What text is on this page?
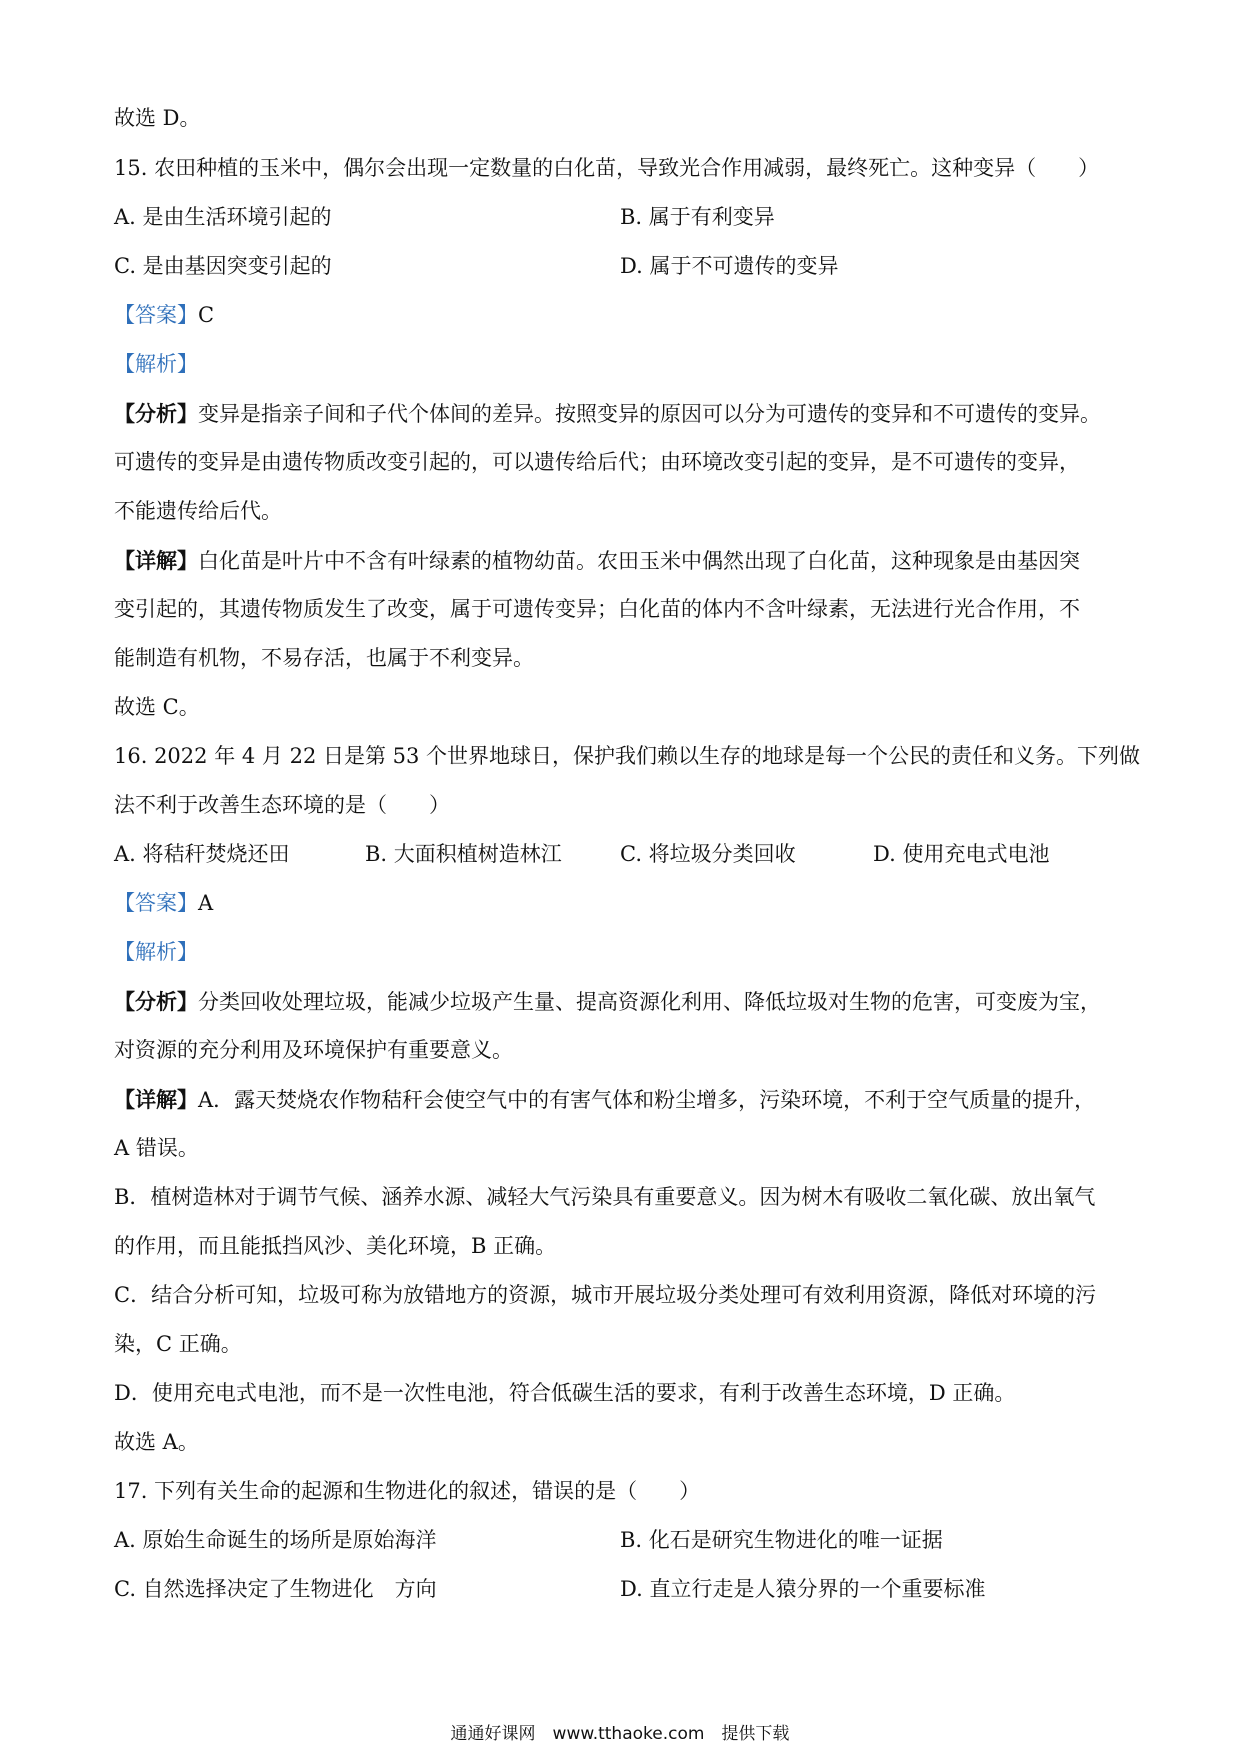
故选 D。
15. 农田种植的玉米中，偶尔会出现一定数量的白化苗，导致光合作用减弱，最终死亡。这种变异（　　）
A. 是由生活环境引起的	B. 属于有利变异
C. 是由基因突变引起的	D. 属于不可遗传的变异
【答案】C
【解析】
【分析】变异是指亲子间和子代个体间的差异。按照变异的原因可以分为可遗传的变异和不可遗传的变异。
可遗传的变异是由遗传物质改变引起的，可以遗传给后代；由环境改变引起的变异，是不可遗传的变异，
不能遗传给后代。
【详解】白化苗是叶片中不含有叶绿素的植物幼苗。农田玉米中偶然出现了白化苗，这种现象是由基因突
变引起的，其遗传物质发生了改变，属于可遗传变异；白化苗的体内不含叶绿素，无法进行光合作用，不
能制造有机物，不易存活，也属于不利变异。
故选 C。
16. 2022 年 4 月 22 日是第 53 个世界地球日，保护我们赖以生存的地球是每一个公民的责任和义务。下列做
法不利于改善生态环境的是（　　）
A. 将秸秆焚烧还田	B. 大面积植树造林江	C. 将垃圾分类回收	D. 使用充电式电池
【答案】A
【解析】
【分析】分类回收处理垃圾，能减少垃圾产生量、提高资源化利用、降低垃圾对生物的危害，可变废为宝，
对资源的充分利用及环境保护有重要意义。
【详解】A．露天焚烧农作物秸秆会使空气中的有害气体和粉尘增多，污染环境，不利于空气质量的提升，
A 错误。
B．植树造林对于调节气候、涵养水源、减轻大气污染具有重要意义。因为树木有吸收二氧化碳、放出氧气
的作用，而且能抵挡风沙、美化环境，B 正确。
C．结合分析可知，垃圾可称为放错地方的资源，城市开展垃圾分类处理可有效利用资源，降低对环境的污
染，C 正确。
D．使用充电式电池，而不是一次性电池，符合低碳生活的要求，有利于改善生态环境，D 正确。
故选 A。
17. 下列有关生命的起源和生物进化的叙述，错误的是（　　）
A. 原始生命诞生的场所是原始海洋	B. 化石是研究生物进化的唯一证据
C. 自然选择决定了生物进化　方向	D. 直立行走是人猿分界的一个重要标准
通通好课网　www.tthaoke.com　提供下载
